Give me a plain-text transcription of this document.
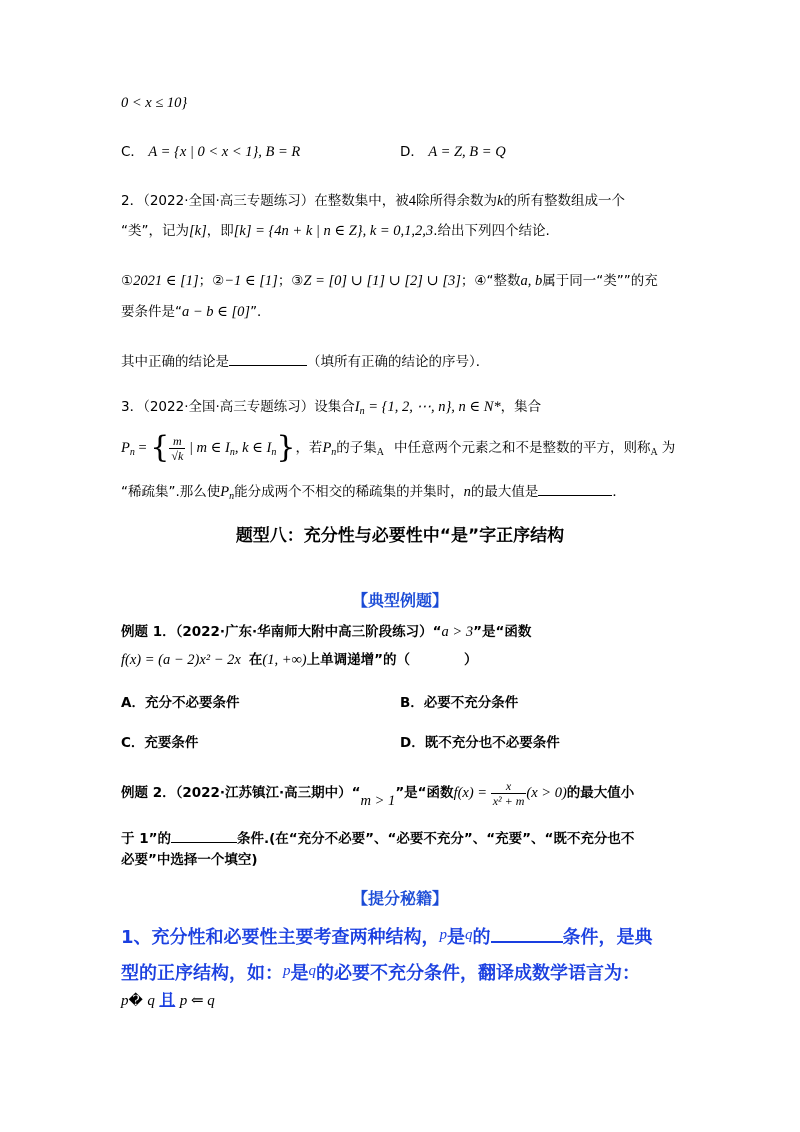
0 < x ≤ 10}
C． A = {x | 0 < x < 1}, B = R	D． A = Z, B = Q
2．（2022·全国·高三专题练习）在整数集中，被4除所得余数为k的所有整数组成一个
“类”，记为[k]，即[k] = {4n + k | n ∈ Z}, k = 0,1,2,3.给出下列四个结论.
①2021 ∈ [1]；②−1 ∈ [1]；③Z = [0] ∪ [1] ∪ [2] ∪ [3]；④“整数a, b属于同一“类””的充
要条件是“a − b ∈ [0]”．
其中正确的结论是	（填所有正确的结论的序号）．
3．（2022·全国·高三专题练习）设集合$I_n = \{1$, 2, ⋯, n}, n ∈ N*，集合
$P_n$ = { $\frac{m}{√k}$ | m ∈ $I_n$, k ∈ $I_n$}，若$P_n$的子集$_A$ 中任意两个元素之和不是整数的平方，则称$_A$ 为
“稀疏集”.那么使$P_n$能分成两个不相交的稀疏集的并集时，n的最大值是	．
题型八：充分性与必要性中“是”字正序结构
【典型例题】
例题 1．（2022·广东·华南师大附中高三阶段练习）“a > 3”是“函数
f(x) = (a − 2)x² − 2x 在(1, +∞)上单调递增”的（　　　　）
A．充分不必要条件	B．必要不充分条件
C．充要条件	D．既不充分也不必要条件
例题 2．（2022·江苏镇江·高三期中）“m > 1”是“函数$f(x) = \frac{x}{\text{x² + m}} (x > 0)$的最大值小
于 1”的	条件.(在“充分不必要”、“必要不充分”、“充要”、“既不充分也不
必要”中选择一个填空)
【提分秘籍】
1、充分性和必要性主要考查两种结构，$^p$是$^q$的	条件，是典
型的正序结构，如：$^p$是$^q$的必要不充分条件，翻译成数学语言为：
p� q 且 p ⇐ q
